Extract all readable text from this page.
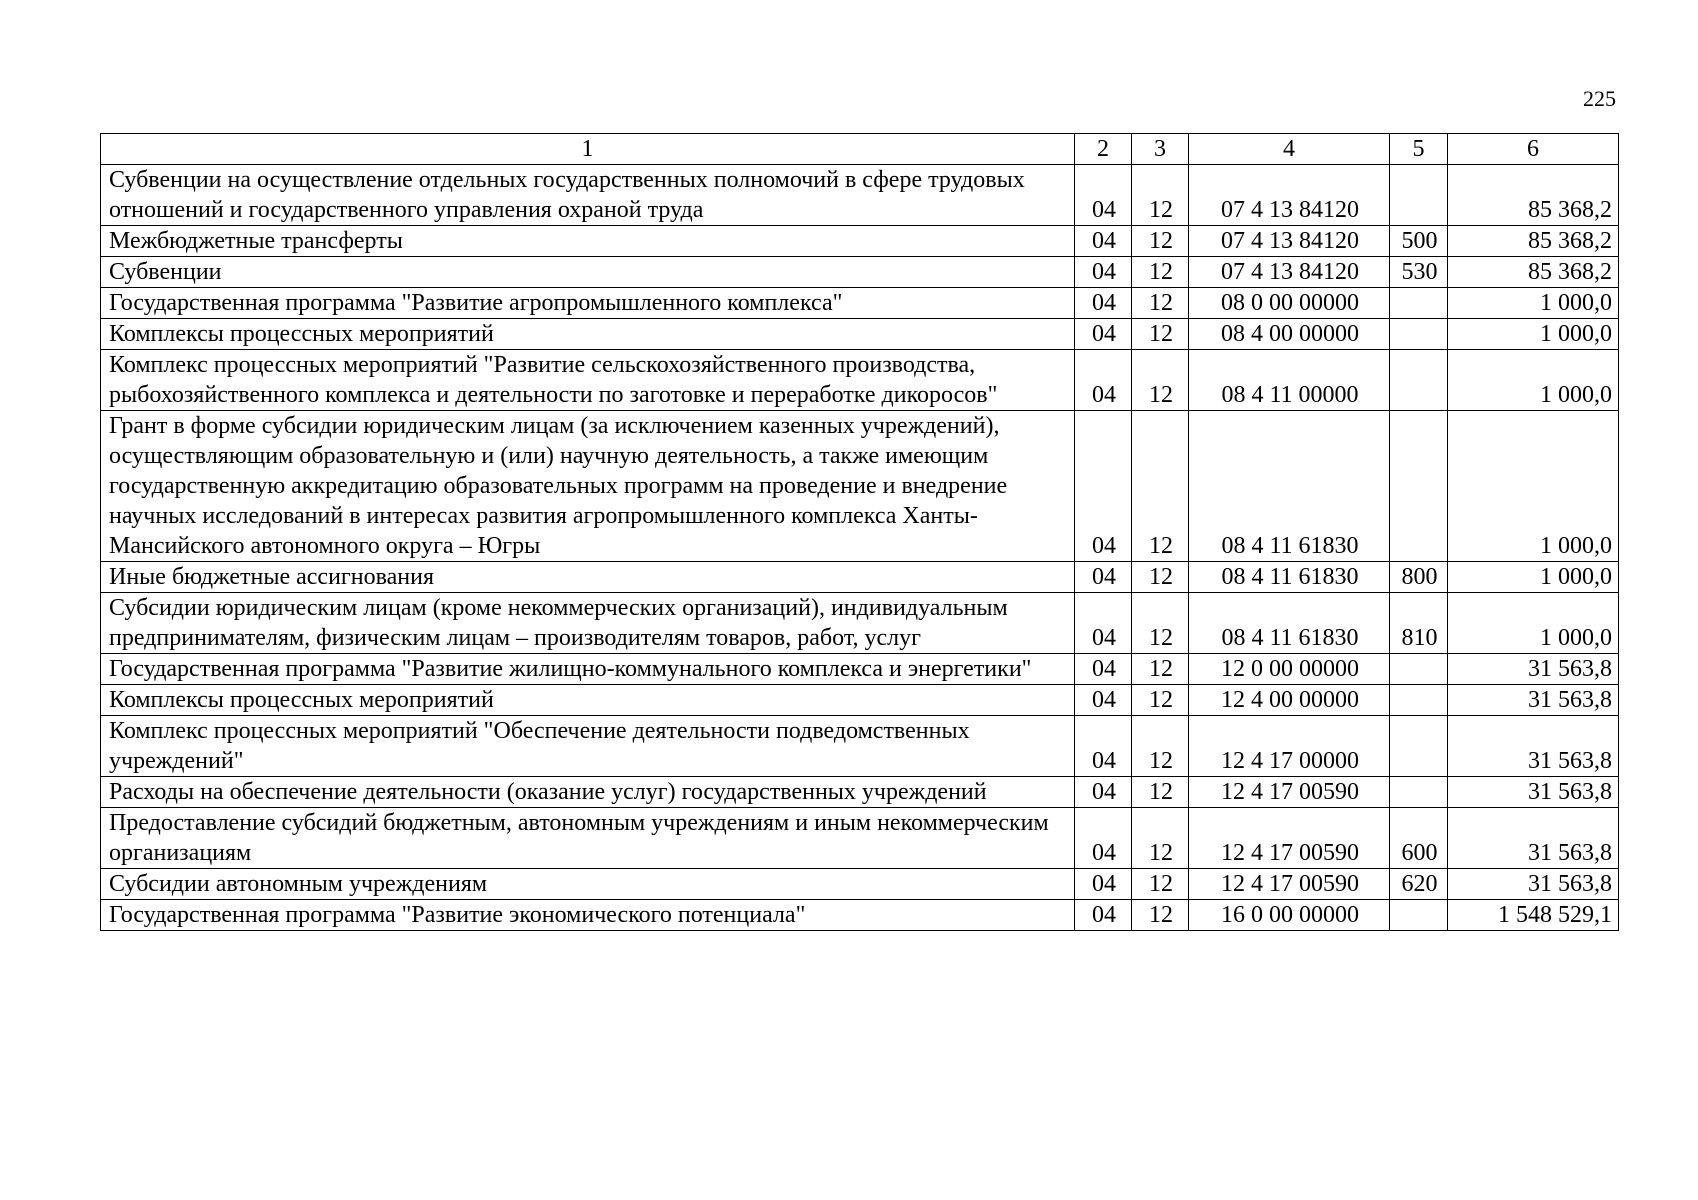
225
1	2	3	4	5	6
Субвенции на осуществление отдельных государственных полномочий в сфере трудовых отношений и государственного управления охраной труда	04	12	07 4 13 84120		85 368,2
Межбюджетные трансферты	04	12	07 4 13 84120	500	85 368,2
Субвенции	04	12	07 4 13 84120	530	85 368,2
Государственная программа "Развитие агропромышленного комплекса"	04	12	08 0 00 00000		1 000,0
Комплексы процессных мероприятий	04	12	08 4 00 00000		1 000,0
Комплекс процессных мероприятий "Развитие сельскохозяйственного производства, рыбохозяйственного комплекса и деятельности по заготовке и переработке дикоросов"	04	12	08 4 11 00000		1 000,0
Грант в форме субсидии юридическим лицам (за исключением казенных учреждений), осуществляющим образовательную и (или) научную деятельность, а также имеющим государственную аккредитацию образовательных программ на проведение и внедрение научных исследований в интересах развития агропромышленного комплекса Ханты-Мансийского автономного округа – Югры	04	12	08 4 11 61830		1 000,0
Иные бюджетные ассигнования	04	12	08 4 11 61830	800	1 000,0
Субсидии юридическим лицам (кроме некоммерческих организаций), индивидуальным предпринимателям, физическим лицам – производителям товаров, работ, услуг	04	12	08 4 11 61830	810	1 000,0
Государственная программа "Развитие жилищно-коммунального комплекса и энергетики"	04	12	12 0 00 00000		31 563,8
Комплексы процессных мероприятий	04	12	12 4 00 00000		31 563,8
Комплекс процессных мероприятий "Обеспечение деятельности подведомственных учреждений"	04	12	12 4 17 00000		31 563,8
Расходы на обеспечение деятельности (оказание услуг) государственных учреждений	04	12	12 4 17 00590		31 563,8
Предоставление субсидий бюджетным, автономным учреждениям и иным некоммерческим организациям	04	12	12 4 17 00590	600	31 563,8
Субсидии автономным учреждениям	04	12	12 4 17 00590	620	31 563,8
Государственная программа "Развитие экономического потенциала"	04	12	16 0 00 00000		1 548 529,1
